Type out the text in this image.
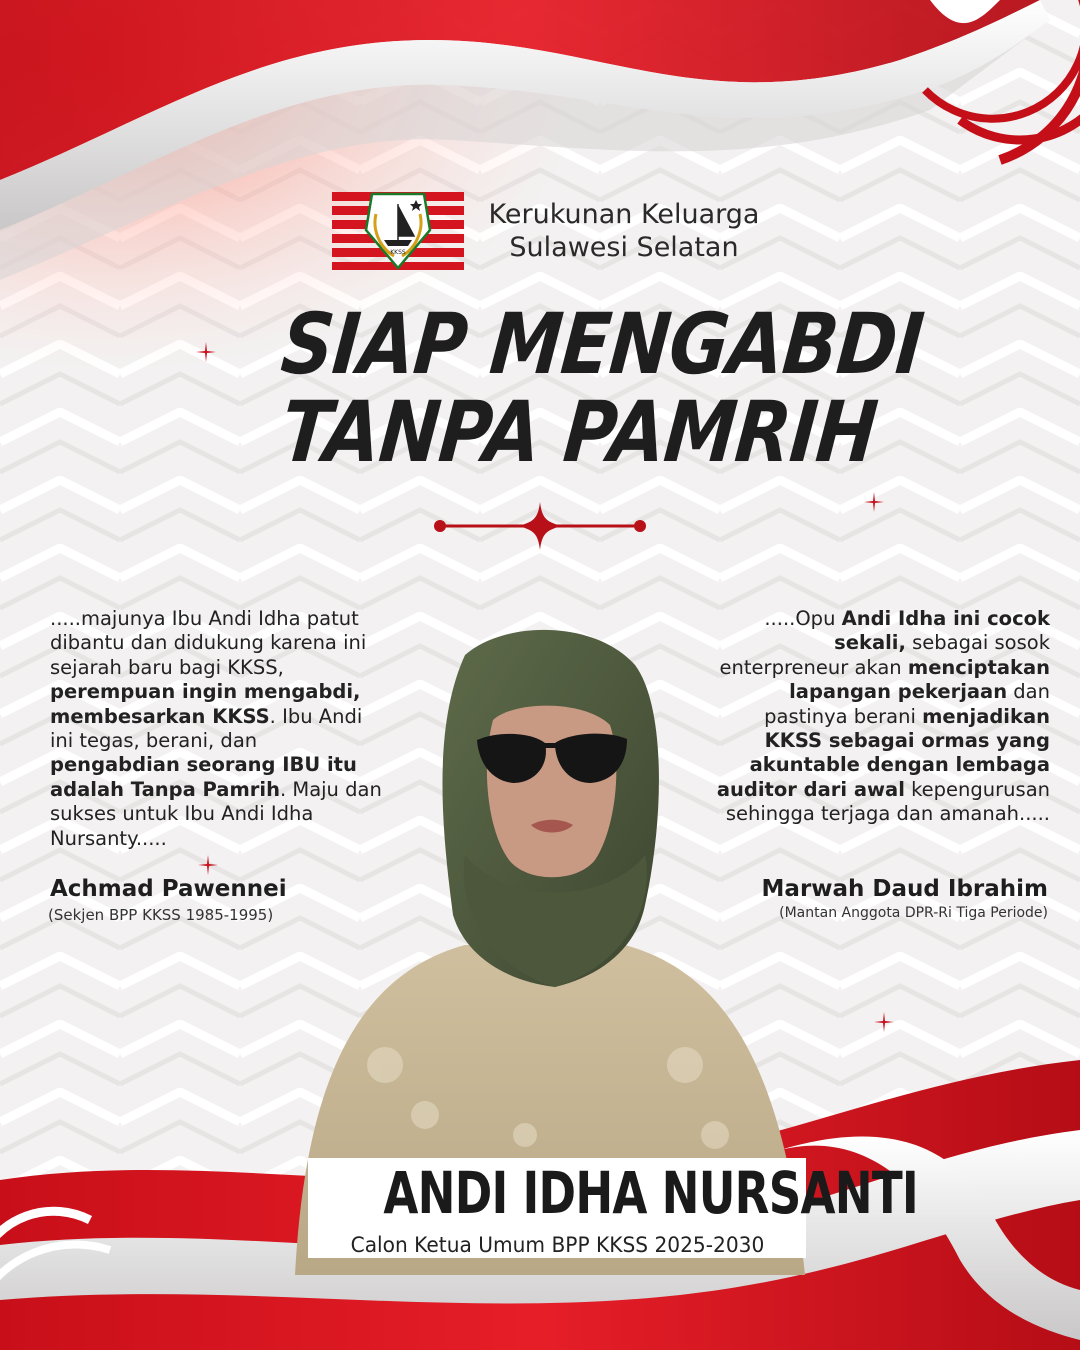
KKSS
Kerukunan Keluarga
Sulawesi Selatan
SIAP MENGABDI
TANPA PAMRIH
.....majunya Ibu Andi Idha patut dibantu dan didukung karena ini sejarah baru bagi KKSS, perempuan ingin mengabdi, membesarkan KKSS. Ibu Andi ini tegas, berani, dan pengabdian seorang IBU itu adalah Tanpa Pamrih. Maju dan sukses untuk Ibu Andi Idha Nursanty.....
Achmad Pawennei
(Sekjen BPP KKSS 1985-1995)
.....Opu Andi Idha ini cocok sekali, sebagai sosok enterpreneur akan menciptakan lapangan pekerjaan dan pastinya berani menjadikan KKSS sebagai ormas yang akuntable dengan lembaga auditor dari awal kepengurusan sehingga terjaga dan amanah.....
Marwah Daud Ibrahim
(Mantan Anggota DPR-Ri Tiga Periode)
ANDI IDHA NURSANTI
Calon Ketua Umum BPP KKSS 2025-2030
